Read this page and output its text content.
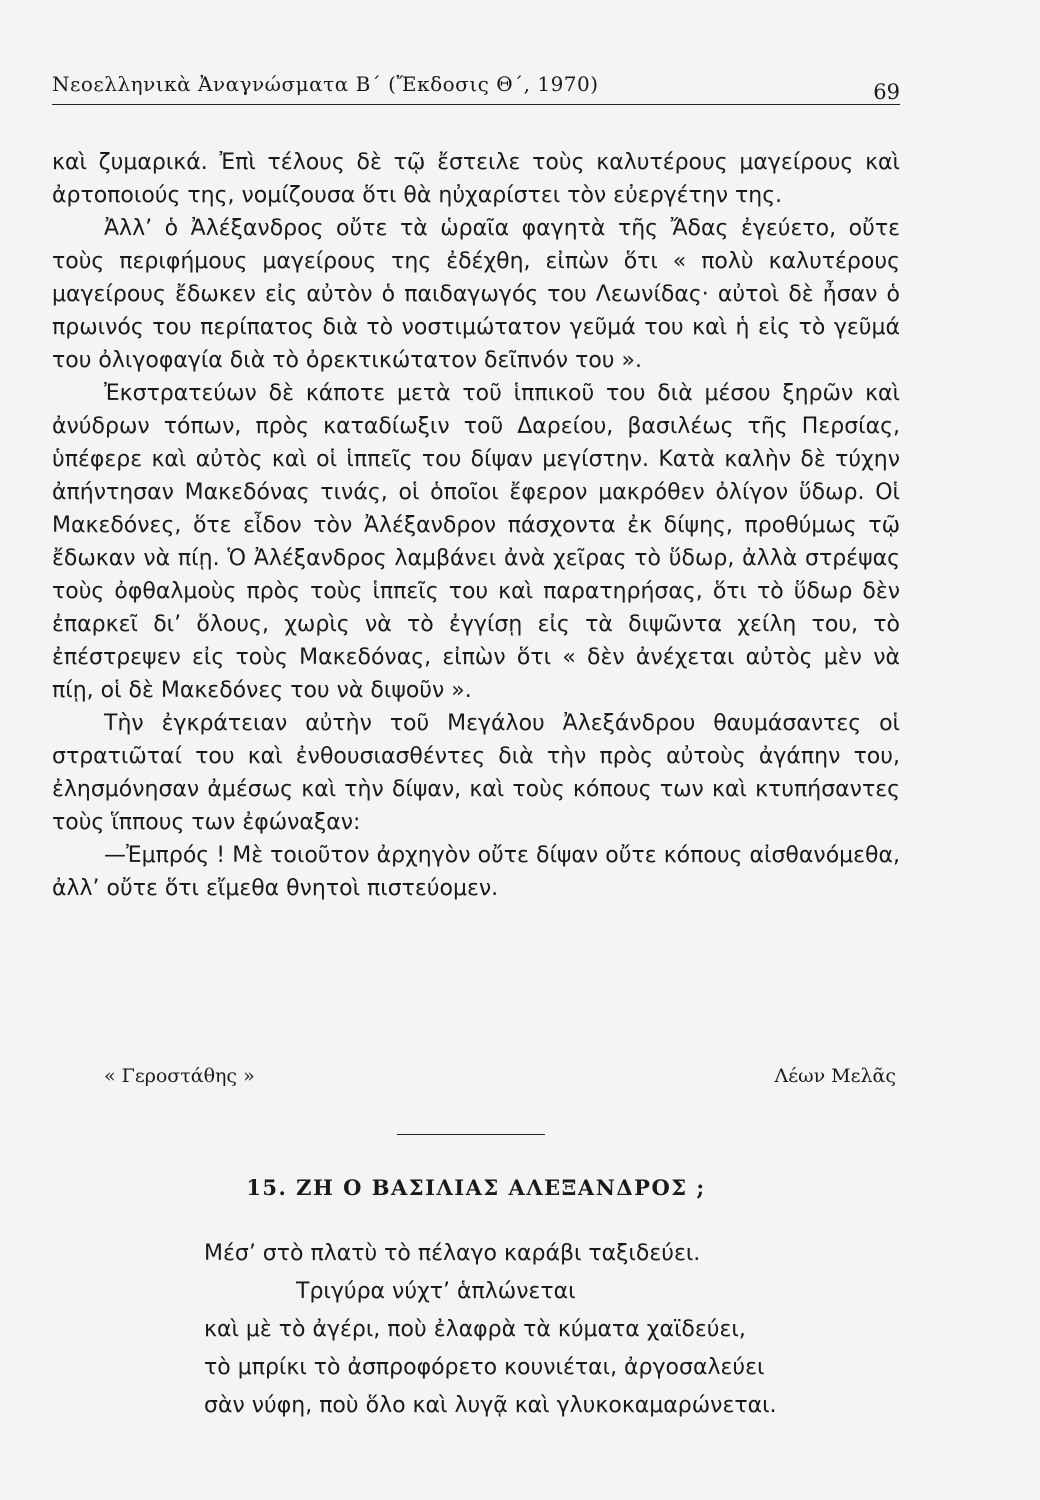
Νεοελληνικὰ Ἀναγνώσματα Β΄ (Ἔκδοσις Θ΄, 1970)	69

καὶ ζυμαρικά. Ἐπὶ τέλους δὲ τῷ ἔστειλε τοὺς καλυτέρους μαγείρους καὶ ἀρτοποιούς της, νομίζουσα ὅτι θὰ ηὐχαρίστει τὸν εὐεργέτην της.

Ἀλλ’ ὁ Ἀλέξανδρος οὔτε τὰ ὡραῖα φαγητὰ τῆς Ἄδας ἐγεύετο, οὔτε τοὺς περιφήμους μαγείρους της ἐδέχθη, εἰπὼν ὅτι « πολὺ καλυτέρους μαγείρους ἔδωκεν εἰς αὐτὸν ὁ παιδαγωγός του Λεωνίδας· αὐτοὶ δὲ ἦσαν ὁ πρωινός του περίπατος διὰ τὸ νοστιμώτατον γεῦμά του καὶ ἡ εἰς τὸ γεῦμά του ὀλιγοφαγία διὰ τὸ ὀρεκτικώτατον δεῖπνόν του ».

Ἐκστρατεύων δὲ κάποτε μετὰ τοῦ ἱππικοῦ του διὰ μέσου ξηρῶν καὶ ἀνύδρων τόπων, πρὸς καταδίωξιν τοῦ Δαρείου, βασιλέως τῆς Περσίας, ὑπέφερε καὶ αὐτὸς καὶ οἱ ἱππεῖς του δίψαν μεγίστην. Κατὰ καλὴν δὲ τύχην ἀπήντησαν Μακεδόνας τινάς, οἱ ὁποῖοι ἔφερον μακρόθεν ὀλίγον ὕδωρ. Οἱ Μακεδόνες, ὅτε εἶδον τὸν Ἀλέξανδρον πάσχοντα ἐκ δίψης, προθύμως τῷ ἔδωκαν νὰ πίῃ. Ὁ Ἀλέξανδρος λαμβάνει ἀνὰ χεῖρας τὸ ὕδωρ, ἀλλὰ στρέψας τοὺς ὀφθαλμοὺς πρὸς τοὺς ἱππεῖς του καὶ παρατηρήσας, ὅτι τὸ ὕδωρ δὲν ἐπαρκεῖ δι’ ὅλους, χωρὶς νὰ τὸ ἐγγίσῃ εἰς τὰ διψῶντα χείλη του, τὸ ἐπέστρεψεν εἰς τοὺς Μακεδόνας, εἰπὼν ὅτι « δὲν ἀνέχεται αὐτὸς μὲν νὰ πίῃ, οἱ δὲ Μακεδόνες του νὰ διψοῦν ».

Τὴν ἐγκράτειαν αὐτὴν τοῦ Μεγάλου Ἀλεξάνδρου θαυμάσαντες οἱ στρατιῶταί του καὶ ἐνθουσιασθέντες διὰ τὴν πρὸς αὐτοὺς ἀγάπην του, ἐλησμόνησαν ἀμέσως καὶ τὴν δίψαν, καὶ τοὺς κόπους των καὶ κτυπήσαντες τοὺς ἵππους των ἐφώναξαν:

—Ἐμπρός ! Μὲ τοιοῦτον ἀρχηγὸν οὔτε δίψαν οὔτε κόπους αἰσθανόμεθα, ἀλλ’ οὔτε ὅτι εἴμεθα θνητοὶ πιστεύομεν.

« Γεροστάθης »	Λέων Μελᾶς
15. ΖΗ Ο ΒΑΣΙΛΙΑΣ ΑΛΕΞΑΝΔΡΟΣ ;
Μέσ’ στὸ πλατὺ τὸ πέλαγο καράβι ταξιδεύει.
Τριγύρα νύχτ’ ἁπλώνεται
καὶ μὲ τὸ ἀγέρι, ποὺ ἐλαφρὰ τὰ κύματα χαϊδεύει,
τὸ μπρίκι τὸ ἀσπροφόρετο κουνιέται, ἀργοσαλεύει
σὰν νύφη, ποὺ ὅλο καὶ λυγᾷ καὶ γλυκοκαμαρώνεται.
